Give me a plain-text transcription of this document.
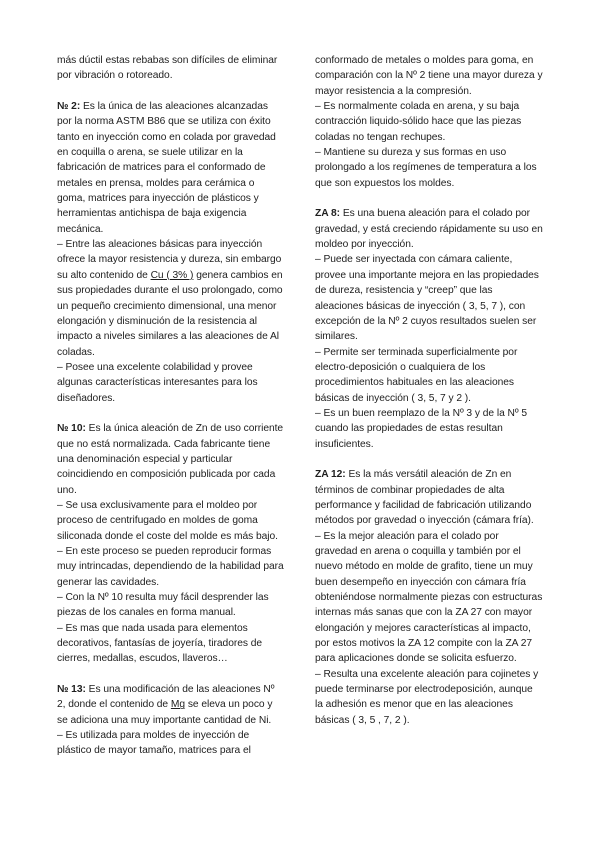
más dúctil estas rebabas son difíciles de eliminar por vibración o rotoreado.

№ 2: Es la única de las aleaciones alcanzadas por la norma ASTM B86 que se utiliza con éxito tanto en inyección como en colada por gravedad en coquilla o arena, se suele utilizar en la fabricación de matrices para el conformado de metales en prensa, moldes para cerámica o goma, matrices para inyección de plásticos y herramientas antichispa de baja exigencia mecánica.

– Entre las aleaciones básicas para inyección ofrece la mayor resistencia y dureza, sin embargo su alto contenido de Cu ( 3% ) genera cambios en sus propiedades durante el uso prolongado, como un pequeño crecimiento dimensional, una menor elongación y disminución de la resistencia al impacto a niveles similares a las aleaciones de Al coladas.

– Posee una excelente colabilidad y provee algunas características interesantes para los diseñadores.

№ 10: Es la única aleación de Zn de uso corriente que no está normalizada. Cada fabricante tiene una denominación especial y particular coincidiendo en composición publicada por cada uno.

– Se usa exclusivamente para el moldeo por proceso de centrifugado en moldes de goma siliconada donde el coste del molde es más bajo.

– En este proceso se pueden reproducir formas muy intrincadas, dependiendo de la habilidad para generar las cavidades.

– Con la Nº 10 resulta muy fácil desprender las piezas de los canales en forma manual.

– Es mas que nada usada para elementos decorativos, fantasías de joyería, tiradores de cierres, medallas, escudos, llaveros…

№ 13: Es una modificación de las aleaciones Nº 2, donde el contenido de Mg se eleva un poco y se adiciona una muy importante cantidad de Ni.

– Es utilizada para moldes de inyección de plástico de mayor tamaño, matrices para el

conformado de metales o moldes para goma, en comparación con la Nº 2 tiene una mayor dureza y mayor resistencia a la compresión.

– Es normalmente colada en arena, y su baja contracción liquido-sólido hace que las piezas coladas no tengan rechupes.

– Mantiene su dureza y sus formas en uso prolongado a los regímenes de temperatura a los que son expuestos los moldes.

ZA 8: Es una buena aleación para el colado por gravedad, y está creciendo rápidamente su uso en moldeo por inyección.

– Puede ser inyectada con cámara caliente, provee una importante mejora en las propiedades de dureza, resistencia y “creep” que las aleaciones básicas de inyección ( 3, 5, 7 ), con excepción de la Nº 2 cuyos resultados suelen ser similares.

– Permite ser terminada superficialmente por electro-deposición o cualquiera de los procedimientos habituales en las aleaciones básicas de inyección ( 3, 5, 7 y 2 ).

– Es un buen reemplazo de la Nº 3 y de la Nº 5 cuando las propiedades de estas resultan insuficientes.

ZA 12: Es la más versátil aleación de Zn en términos de combinar propiedades de alta performance y facilidad de fabricación utilizando métodos por gravedad o inyección (cámara fría).

– Es la mejor aleación para el colado por gravedad en arena o coquilla y también por el nuevo método en molde de grafito, tiene un muy buen desempeño en inyección con cámara fría obteniéndose normalmente piezas con estructuras internas más sanas que con la ZA 27 con mayor elongación y mejores características al impacto, por estos motivos la ZA 12 compite con la ZA 27 para aplicaciones donde se solicita esfuerzo.

– Resulta una excelente aleación para cojinetes y puede terminarse por electrodeposición, aunque la adhesión es menor que en las aleaciones básicas ( 3, 5 , 7, 2 ).
